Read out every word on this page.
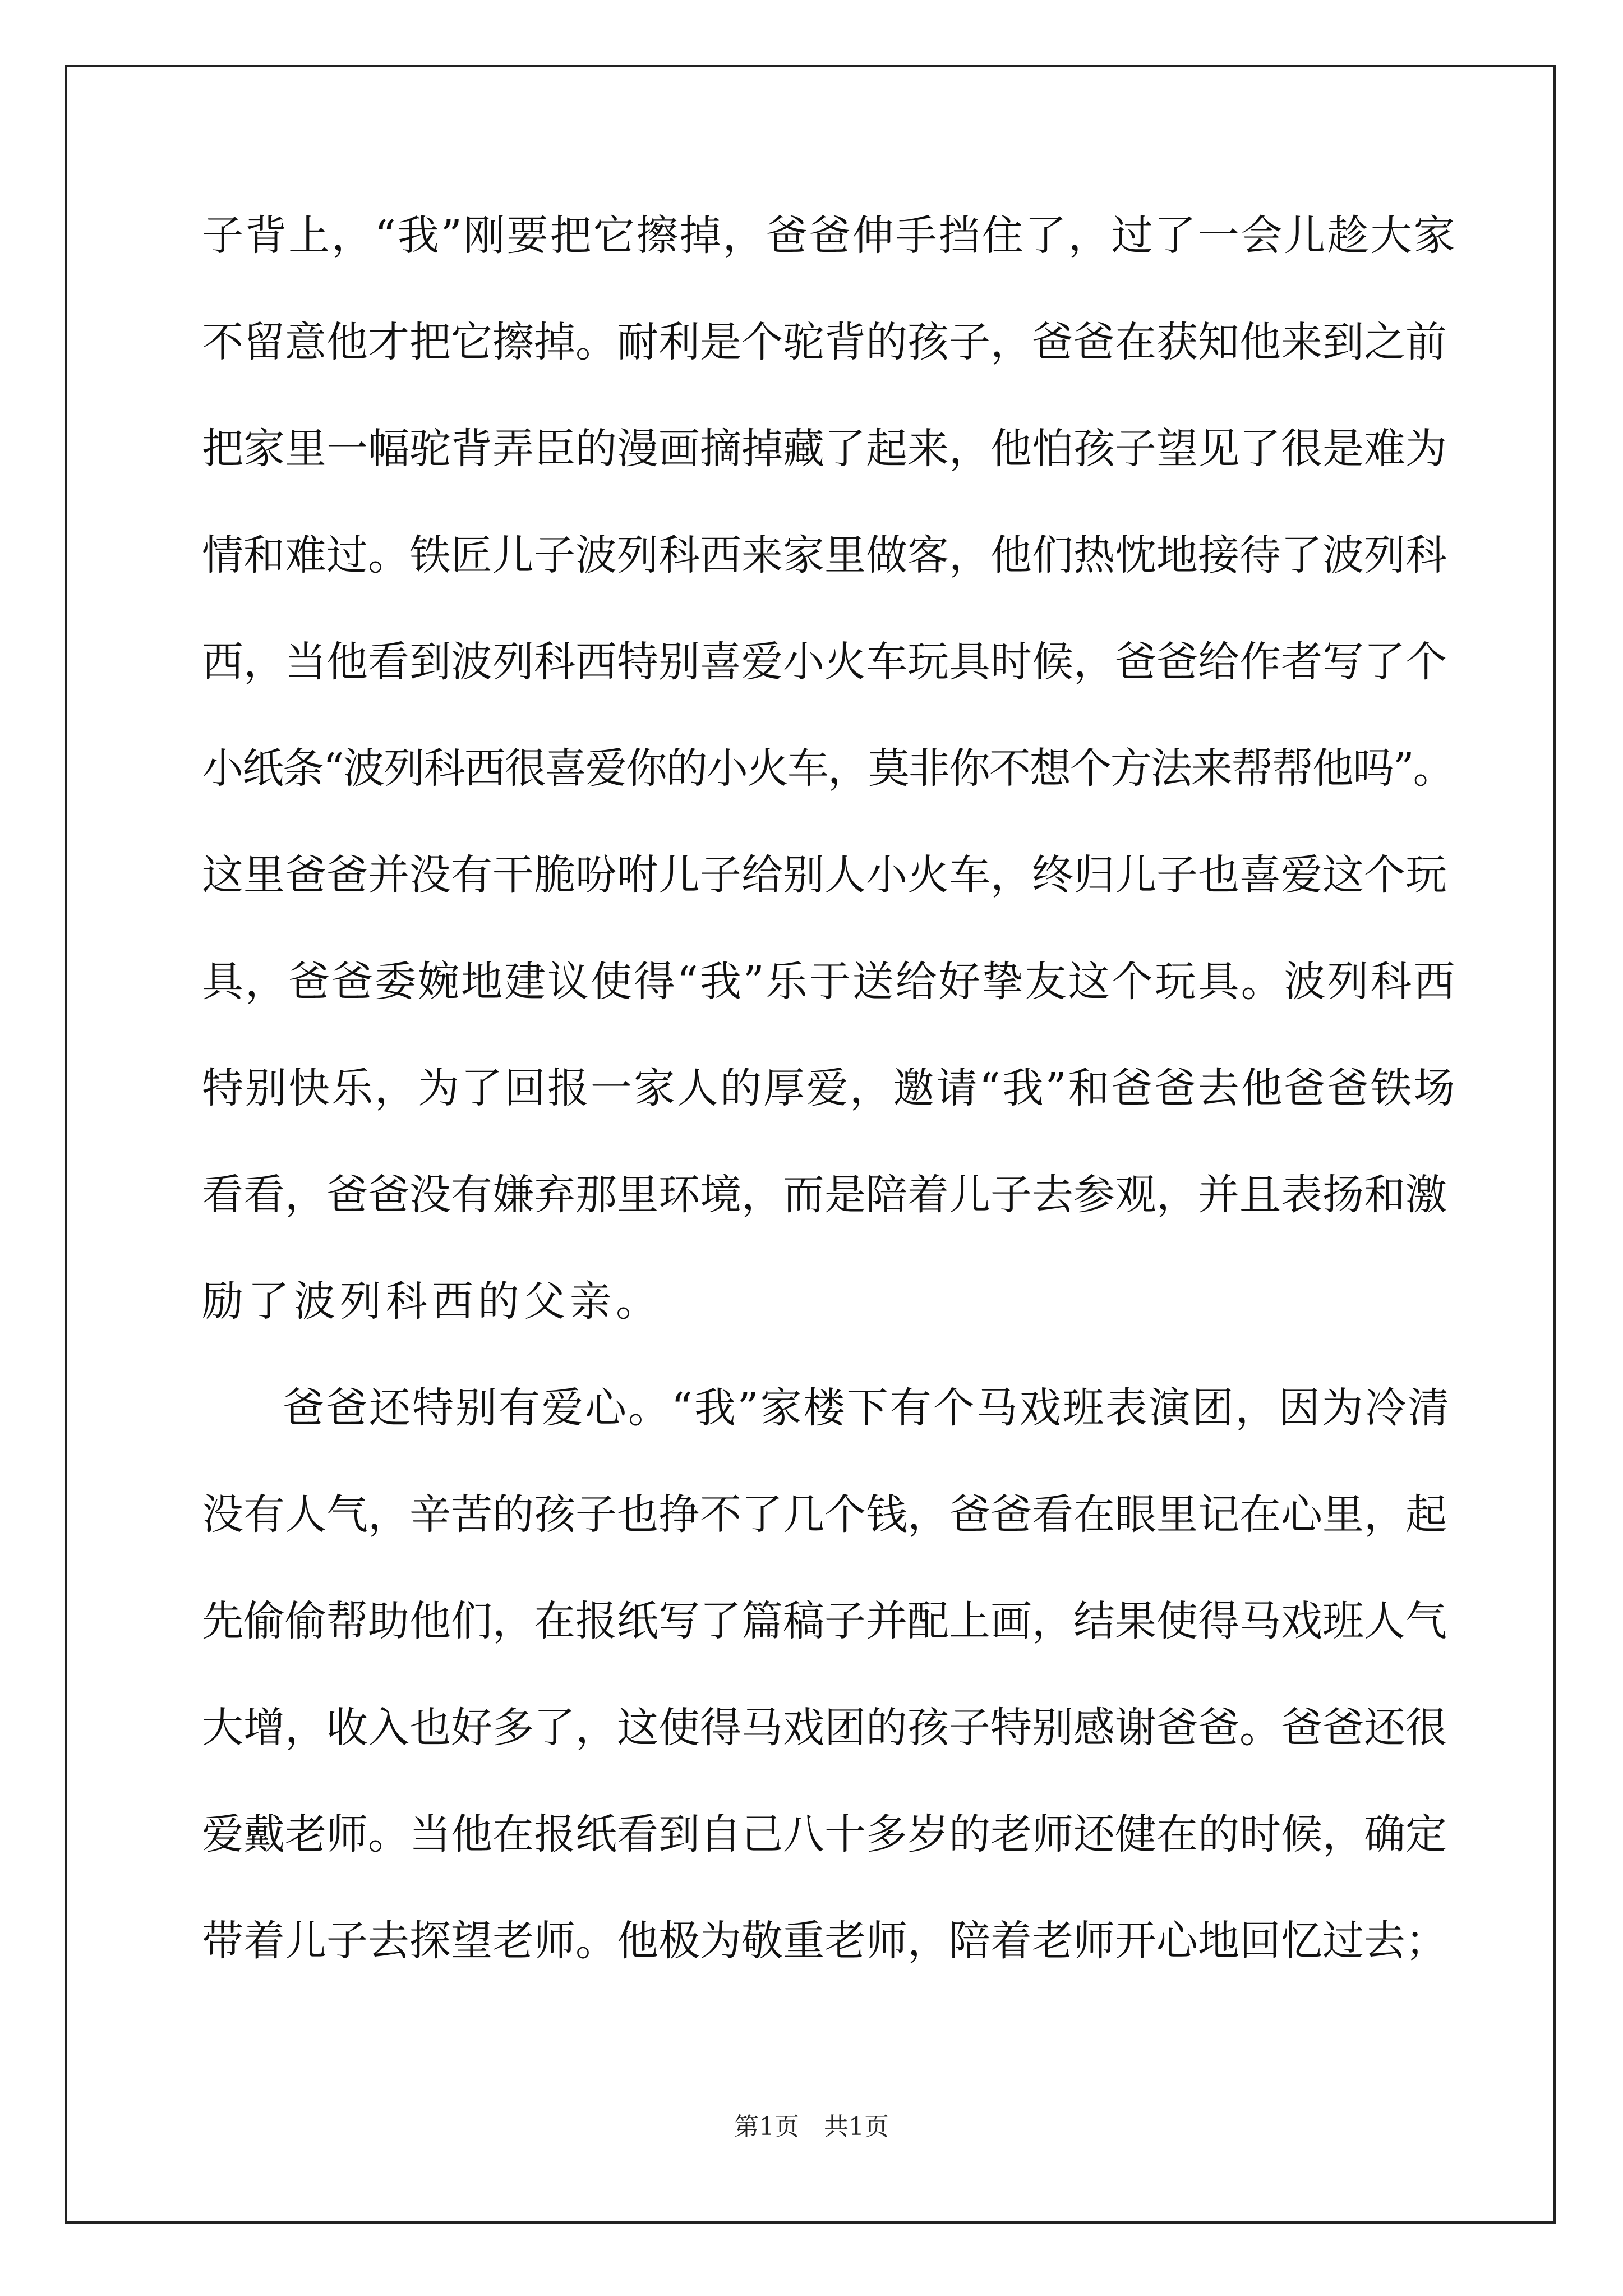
子背上，“我”刚要把它擦掉，爸爸伸手挡住了，过了一会儿趁大家
不留意他才把它擦掉。耐利是个驼背的孩子，爸爸在获知他来到之前
把家里一幅驼背弄臣的漫画摘掉藏了起来，他怕孩子望见了很是难为
情和难过。铁匠儿子波列科西来家里做客，他们热忱地接待了波列科
西，当他看到波列科西特别喜爱小火车玩具时候，爸爸给作者写了个
小纸条“波列科西很喜爱你的小火车，莫非你不想个方法来帮帮他吗”。
这里爸爸并没有干脆吩咐儿子给别人小火车，终归儿子也喜爱这个玩
具，爸爸委婉地建议使得“我”乐于送给好挚友这个玩具。波列科西
特别快乐，为了回报一家人的厚爱，邀请“我”和爸爸去他爸爸铁场
看看，爸爸没有嫌弃那里环境，而是陪着儿子去参观，并且表扬和激
励了波列科西的父亲。
爸爸还特别有爱心。“我”家楼下有个马戏班表演团，因为冷清
没有人气，辛苦的孩子也挣不了几个钱，爸爸看在眼里记在心里，起
先偷偷帮助他们，在报纸写了篇稿子并配上画，结果使得马戏班人气
大增，收入也好多了，这使得马戏团的孩子特别感谢爸爸。爸爸还很
爱戴老师。当他在报纸看到自己八十多岁的老师还健在的时候，确定
带着儿子去探望老师。他极为敬重老师，陪着老师开心地回忆过去；
第1页　共1页
